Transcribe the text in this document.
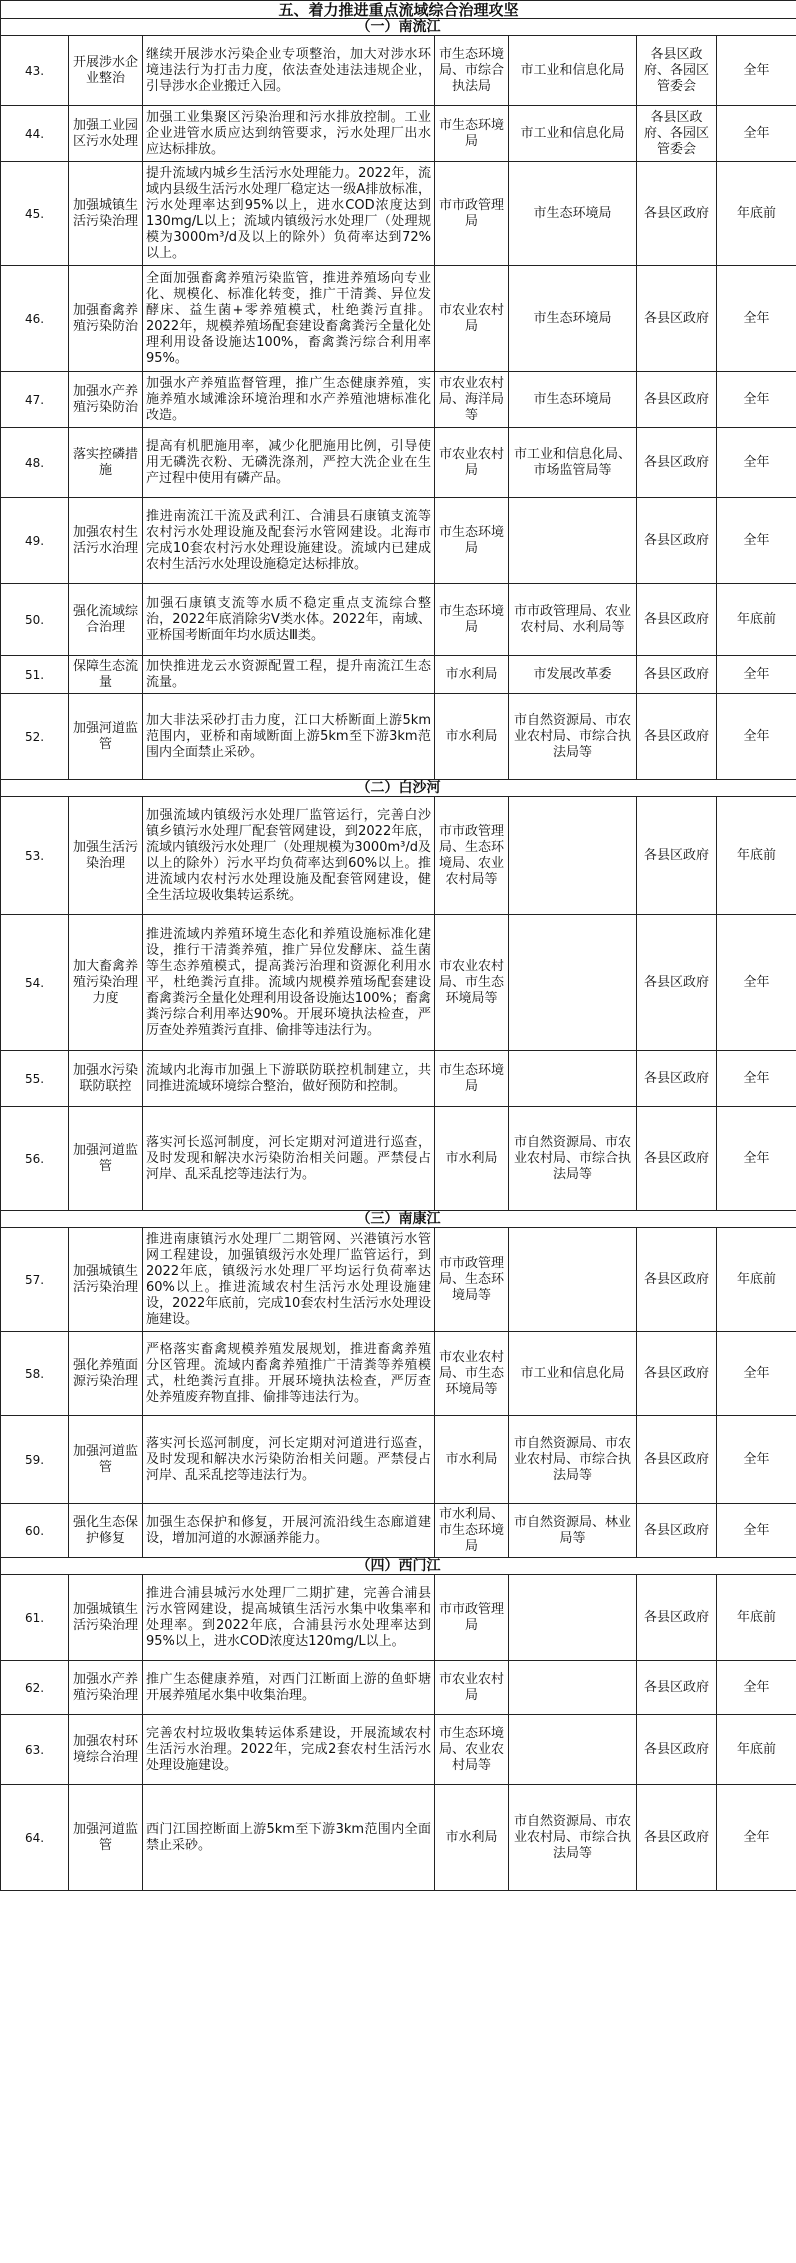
五、着力推进重点流域综合治理攻坚						
（一）南流江						
43.	开展涉水企业整治	继续开展涉水污染企业专项整治，加大对涉水环境违法行为打击力度，依法查处违法违规企业，引导涉水企业搬迁入园。	市生态环境局、市综合执法局	市工业和信息化局	各县区政府、各园区管委会	全年
44.	加强工业园区污水处理	加强工业集聚区污染治理和污水排放控制。工业企业进管水质应达到纳管要求，污水处理厂出水应达标排放。	市生态环境局	市工业和信息化局	各县区政府、各园区管委会	全年
45.	加强城镇生活污染治理	提升流域内城乡生活污水处理能力。2022年，流域内县级生活污水处理厂稳定达一级A排放标准，污水处理率达到95%以上，进水COD浓度达到130mg/L以上；流域内镇级污水处理厂（处理规模为3000m³/d及以上的除外）负荷率达到72%以上。	市市政管理局	市生态环境局	各县区政府	年底前
46.	加强畜禽养殖污染防治	全面加强畜禽养殖污染监管，推进养殖场向专业化、规模化、标准化转变，推广干清粪、异位发酵床、益生菌+零养殖模式，杜绝粪污直排。2022年，规模养殖场配套建设畜禽粪污全量化处理利用设备设施达100%，畜禽粪污综合利用率95%。	市农业农村局	市生态环境局	各县区政府	全年
47.	加强水产养殖污染防治	加强水产养殖监督管理，推广生态健康养殖，实施养殖水域滩涂环境治理和水产养殖池塘标准化改造。	市农业农村局、海洋局等	市生态环境局	各县区政府	全年
48.	落实控磷措施	提高有机肥施用率，减少化肥施用比例，引导使用无磷洗衣粉、无磷洗涤剂，严控大洗企业在生产过程中使用有磷产品。	市农业农村局	市工业和信息化局、市场监管局等	各县区政府	全年
49.	加强农村生活污水治理	推进南流江干流及武利江、合浦县石康镇支流等农村污水处理设施及配套污水管网建设。北海市完成10套农村污水处理设施建设。流域内已建成农村生活污水处理设施稳定达标排放。	市生态环境局		各县区政府	全年
50.	强化流域综合治理	加强石康镇支流等水质不稳定重点支流综合整治，2022年底消除劣Ⅴ类水体。2022年，南域、亚桥国考断面年均水质达Ⅲ类。	市生态环境局	市市政管理局、农业农村局、水利局等	各县区政府	年底前
51.	保障生态流量	加快推进龙云水资源配置工程，提升南流江生态流量。	市水利局	市发展改革委	各县区政府	全年
52.	加强河道监管	加大非法采砂打击力度，江口大桥断面上游5km范围内，亚桥和南域断面上游5km至下游3km范围内全面禁止采砂。	市水利局	市自然资源局、市农业农村局、市综合执法局等	各县区政府	全年
（二）白沙河						
53.	加强生活污染治理	加强流域内镇级污水处理厂监管运行，完善白沙镇乡镇污水处理厂配套管网建设，到2022年底，流域内镇级污水处理厂（处理规模为3000m³/d及以上的除外）污水平均负荷率达到60%以上。推进流域内农村污水处理设施及配套管网建设，健全生活垃圾收集转运系统。	市市政管理局、生态环境局、农业农村局等		各县区政府	年底前
54.	加大畜禽养殖污染治理力度	推进流域内养殖环境生态化和养殖设施标准化建设，推行干清粪养殖，推广异位发酵床、益生菌等生态养殖模式，提高粪污治理和资源化利用水平，杜绝粪污直排。流域内规模养殖场配套建设畜禽粪污全量化处理利用设备设施达100%；畜禽粪污综合利用率达90%。开展环境执法检查，严厉查处养殖粪污直排、偷排等违法行为。	市农业农村局、市生态环境局等		各县区政府	全年
55.	加强水污染联防联控	流域内北海市加强上下游联防联控机制建立，共同推进流域环境综合整治，做好预防和控制。	市生态环境局		各县区政府	全年
56.	加强河道监管	落实河长巡河制度，河长定期对河道进行巡查，及时发现和解决水污染防治相关问题。严禁侵占河岸、乱采乱挖等违法行为。	市水利局	市自然资源局、市农业农村局、市综合执法局等	各县区政府	全年
（三）南康江						
57.	加强城镇生活污染治理	推进南康镇污水处理厂二期管网、兴港镇污水管网工程建设，加强镇级污水处理厂监管运行，到2022年底，镇级污水处理厂平均运行负荷率达60%以上。推进流域农村生活污水处理设施建设，2022年底前，完成10套农村生活污水处理设施建设。	市市政管理局、生态环境局等		各县区政府	年底前
58.	强化养殖面源污染治理	严格落实畜禽规模养殖发展规划，推进畜禽养殖分区管理。流域内畜禽养殖推广干清粪等养殖模式，杜绝粪污直排。开展环境执法检查，严厉查处养殖废弃物直排、偷排等违法行为。	市农业农村局、市生态环境局等	市工业和信息化局	各县区政府	全年
59.	加强河道监管	落实河长巡河制度，河长定期对河道进行巡查，及时发现和解决水污染防治相关问题。严禁侵占河岸、乱采乱挖等违法行为。	市水利局	市自然资源局、市农业农村局、市综合执法局等	各县区政府	全年
60.	强化生态保护修复	加强生态保护和修复，开展河流沿线生态廊道建设，增加河道的水源涵养能力。	市水利局、市生态环境局	市自然资源局、林业局等	各县区政府	全年
（四）西门江						
61.	加强城镇生活污染治理	推进合浦县城污水处理厂二期扩建，完善合浦县污水管网建设，提高城镇生活污水集中收集率和处理率。到2022年底，合浦县污水处理率达到95%以上，进水COD浓度达120mg/L以上。	市市政管理局		各县区政府	年底前
62.	加强水产养殖污染治理	推广生态健康养殖，对西门江断面上游的鱼虾塘开展养殖尾水集中收集治理。	市农业农村局		各县区政府	全年
63.	加强农村环境综合治理	完善农村垃圾收集转运体系建设，开展流域农村生活污水治理。2022年，完成2套农村生活污水处理设施建设。	市生态环境局、农业农村局等		各县区政府	年底前
64.	加强河道监管	西门江国控断面上游5km至下游3km范围内全面禁止采砂。	市水利局	市自然资源局、市农业农村局、市综合执法局等	各县区政府	全年
